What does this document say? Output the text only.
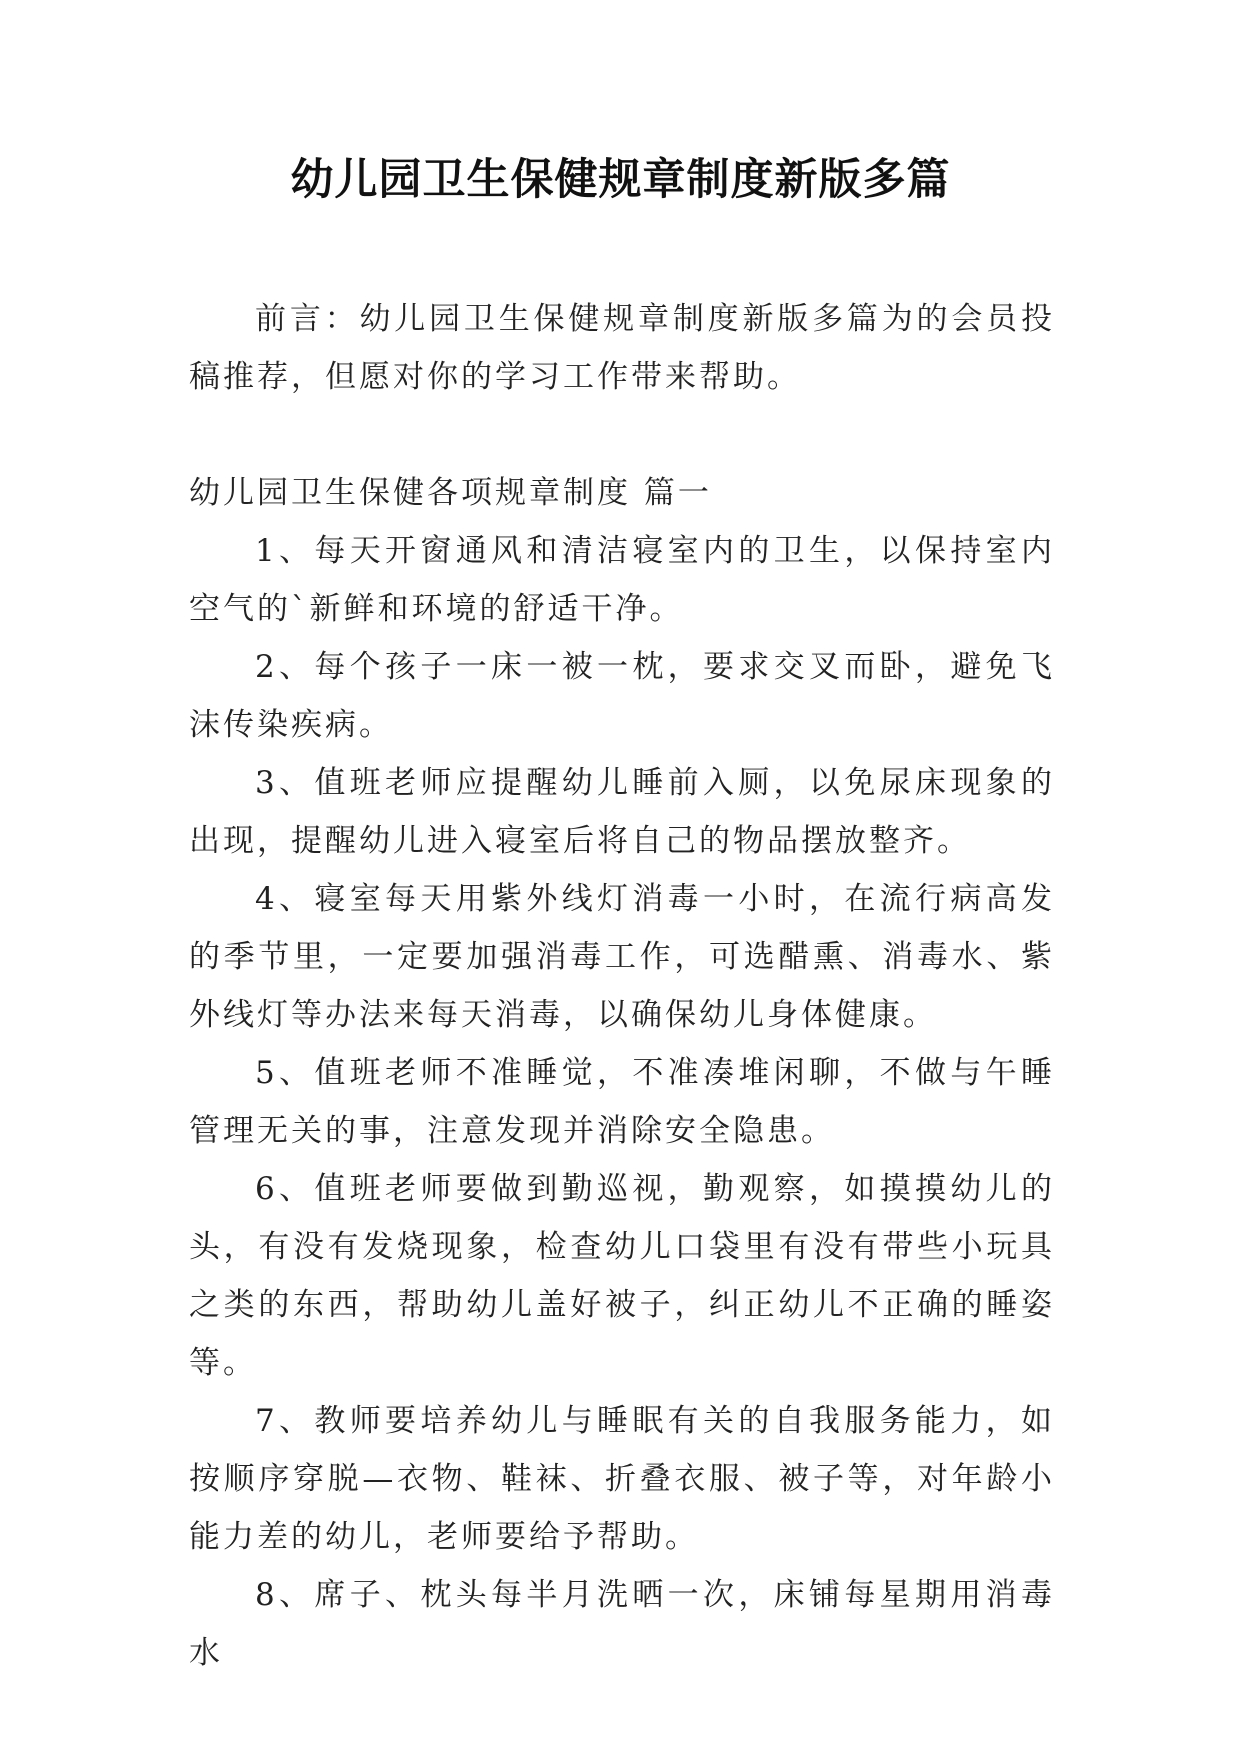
幼儿园卫生保健规章制度新版多篇

前言：幼儿园卫生保健规章制度新版多篇为的会员投稿推荐，但愿对你的学习工作带来帮助。

幼儿园卫生保健各项规章制度 篇一

1、每天开窗通风和清洁寝室内的卫生，以保持室内空气的`新鲜和环境的舒适干净。

2、每个孩子一床一被一枕，要求交叉而卧，避免飞沫传染疾病。

3、值班老师应提醒幼儿睡前入厕，以免尿床现象的出现，提醒幼儿进入寝室后将自己的物品摆放整齐。

4、寝室每天用紫外线灯消毒一小时，在流行病高发的季节里，一定要加强消毒工作，可选醋熏、消毒水、紫外线灯等办法来每天消毒，以确保幼儿身体健康。

5、值班老师不准睡觉，不准凑堆闲聊，不做与午睡管理无关的事，注意发现并消除安全隐患。

6、值班老师要做到勤巡视，勤观察，如摸摸幼儿的头，有没有发烧现象，检查幼儿口袋里有没有带些小玩具之类的东西，帮助幼儿盖好被子，纠正幼儿不正确的睡姿等。

7、教师要培养幼儿与睡眠有关的自我服务能力，如按顺序穿脱—衣物、鞋袜、折叠衣服、被子等，对年龄小能力差的幼儿，老师要给予帮助。

8、席子、枕头每半月洗晒一次，床铺每星期用消毒水
